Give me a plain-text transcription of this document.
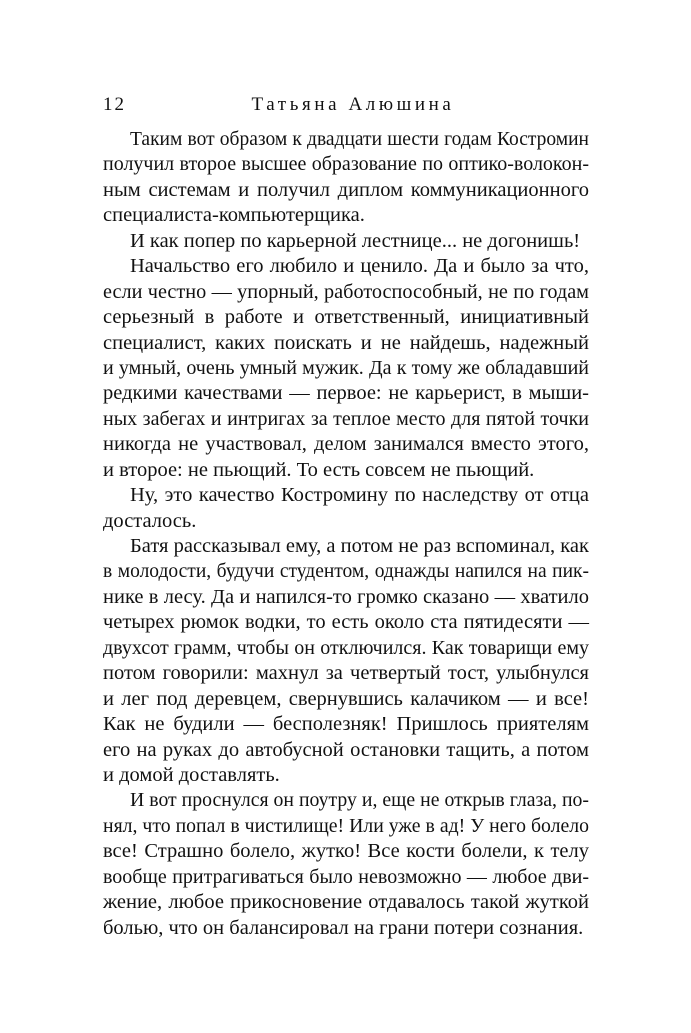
12	Татьяна Алюшина
Таким вот образом к двадцати шести годам Костромин
получил второе высшее образование по оптико-волокон-
ным системам и получил диплом коммуникационного
специалиста-компьютерщика.
И как попер по карьерной лестнице... не догонишь!
Начальство его любило и ценило. Да и было за что,
если честно — упорный, работоспособный, не по годам
серьезный в работе и ответственный, инициативный
специалист, каких поискать и не найдешь, надежный
и умный, очень умный мужик. Да к тому же обладавший
редкими качествами — первое: не карьерист, в мыши-
ных забегах и интригах за теплое место для пятой точки
никогда не участвовал, делом занимался вместо этого,
и второе: не пьющий. То есть совсем не пьющий.
Ну, это качество Костромину по наследству от отца
досталось.
Батя рассказывал ему, а потом не раз вспоминал, как
в молодости, будучи студентом, однажды напился на пик-
нике в лесу. Да и напился-то громко сказано — хватило
четырех рюмок водки, то есть около ста пятидесяти —
двухсот грамм, чтобы он отключился. Как товарищи ему
потом говорили: махнул за четвертый тост, улыбнулся
и лег под деревцем, свернувшись калачиком — и все!
Как не будили — бесполезняк! Пришлось приятелям
его на руках до автобусной остановки тащить, а потом
и домой доставлять.
И вот проснулся он поутру и, еще не открыв глаза, по-
нял, что попал в чистилище! Или уже в ад! У него болело
все! Страшно болело, жутко! Все кости болели, к телу
вообще притрагиваться было невозможно — любое дви-
жение, любое прикосновение отдавалось такой жуткой
болью, что он балансировал на грани потери сознания.
